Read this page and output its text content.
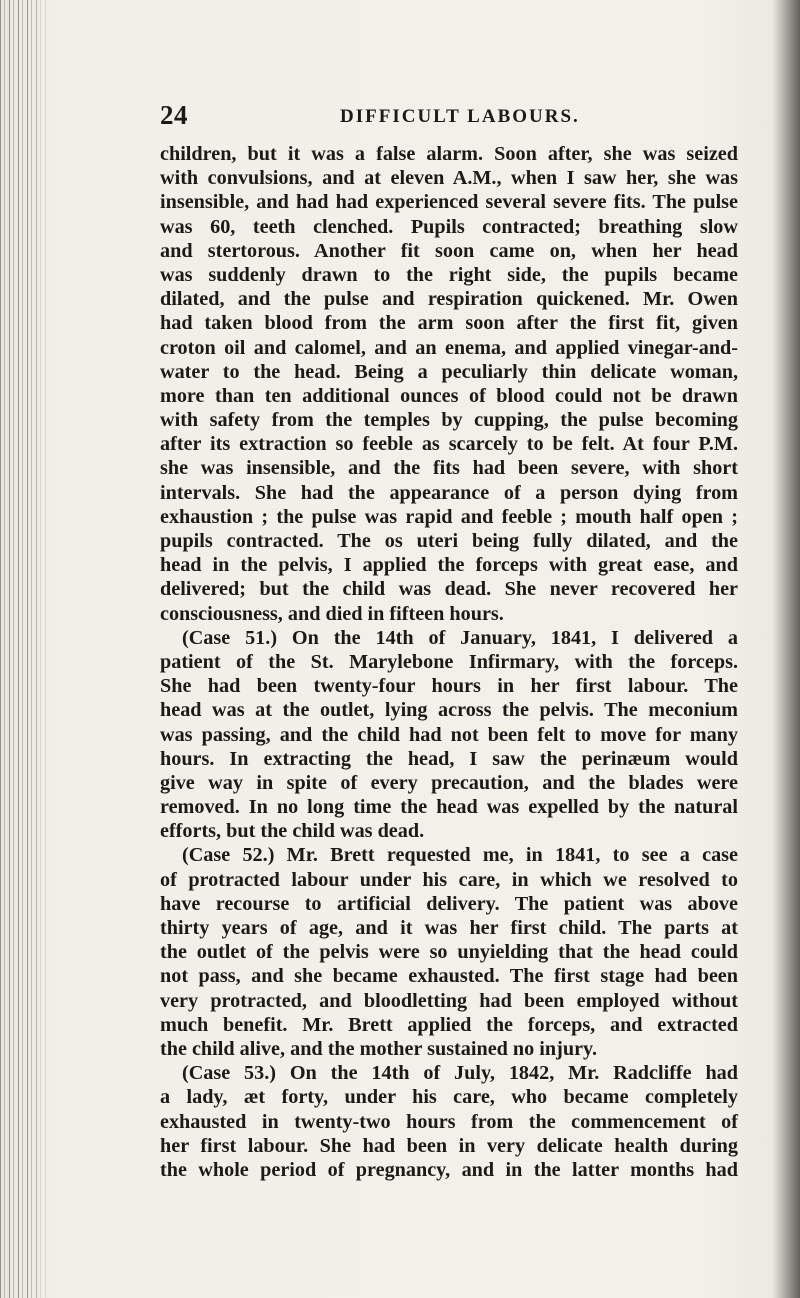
24	DIFFICULT LABOURS.
children, but it was a false alarm. Soon after, she was seized
with convulsions, and at eleven A.M., when I saw her, she was
insensible, and had had experienced several severe fits. The pulse
was 60, teeth clenched. Pupils contracted; breathing slow
and stertorous. Another fit soon came on, when her head
was suddenly drawn to the right side, the pupils became
dilated, and the pulse and respiration quickened. Mr. Owen
had taken blood from the arm soon after the first fit, given
croton oil and calomel, and an enema, and applied vinegar-and-
water to the head. Being a peculiarly thin delicate woman,
more than ten additional ounces of blood could not be drawn
with safety from the temples by cupping, the pulse becoming
after its extraction so feeble as scarcely to be felt. At four P.M.
she was insensible, and the fits had been severe, with short
intervals. She had the appearance of a person dying from
exhaustion ; the pulse was rapid and feeble ; mouth half open ;
pupils contracted. The os uteri being fully dilated, and the
head in the pelvis, I applied the forceps with great ease, and
delivered; but the child was dead. She never recovered her
consciousness, and died in fifteen hours.
(Case 51.) On the 14th of January, 1841, I delivered a
patient of the St. Marylebone Infirmary, with the forceps.
She had been twenty-four hours in her first labour. The
head was at the outlet, lying across the pelvis. The meconium
was passing, and the child had not been felt to move for many
hours. In extracting the head, I saw the perinæum would
give way in spite of every precaution, and the blades were
removed. In no long time the head was expelled by the natural
efforts, but the child was dead.
(Case 52.) Mr. Brett requested me, in 1841, to see a case
of protracted labour under his care, in which we resolved to
have recourse to artificial delivery. The patient was above
thirty years of age, and it was her first child. The parts at
the outlet of the pelvis were so unyielding that the head could
not pass, and she became exhausted. The first stage had been
very protracted, and bloodletting had been employed without
much benefit. Mr. Brett applied the forceps, and extracted
the child alive, and the mother sustained no injury.
(Case 53.) On the 14th of July, 1842, Mr. Radcliffe had
a lady, æt forty, under his care, who became completely
exhausted in twenty-two hours from the commencement of
her first labour. She had been in very delicate health during
the whole period of pregnancy, and in the latter months had
